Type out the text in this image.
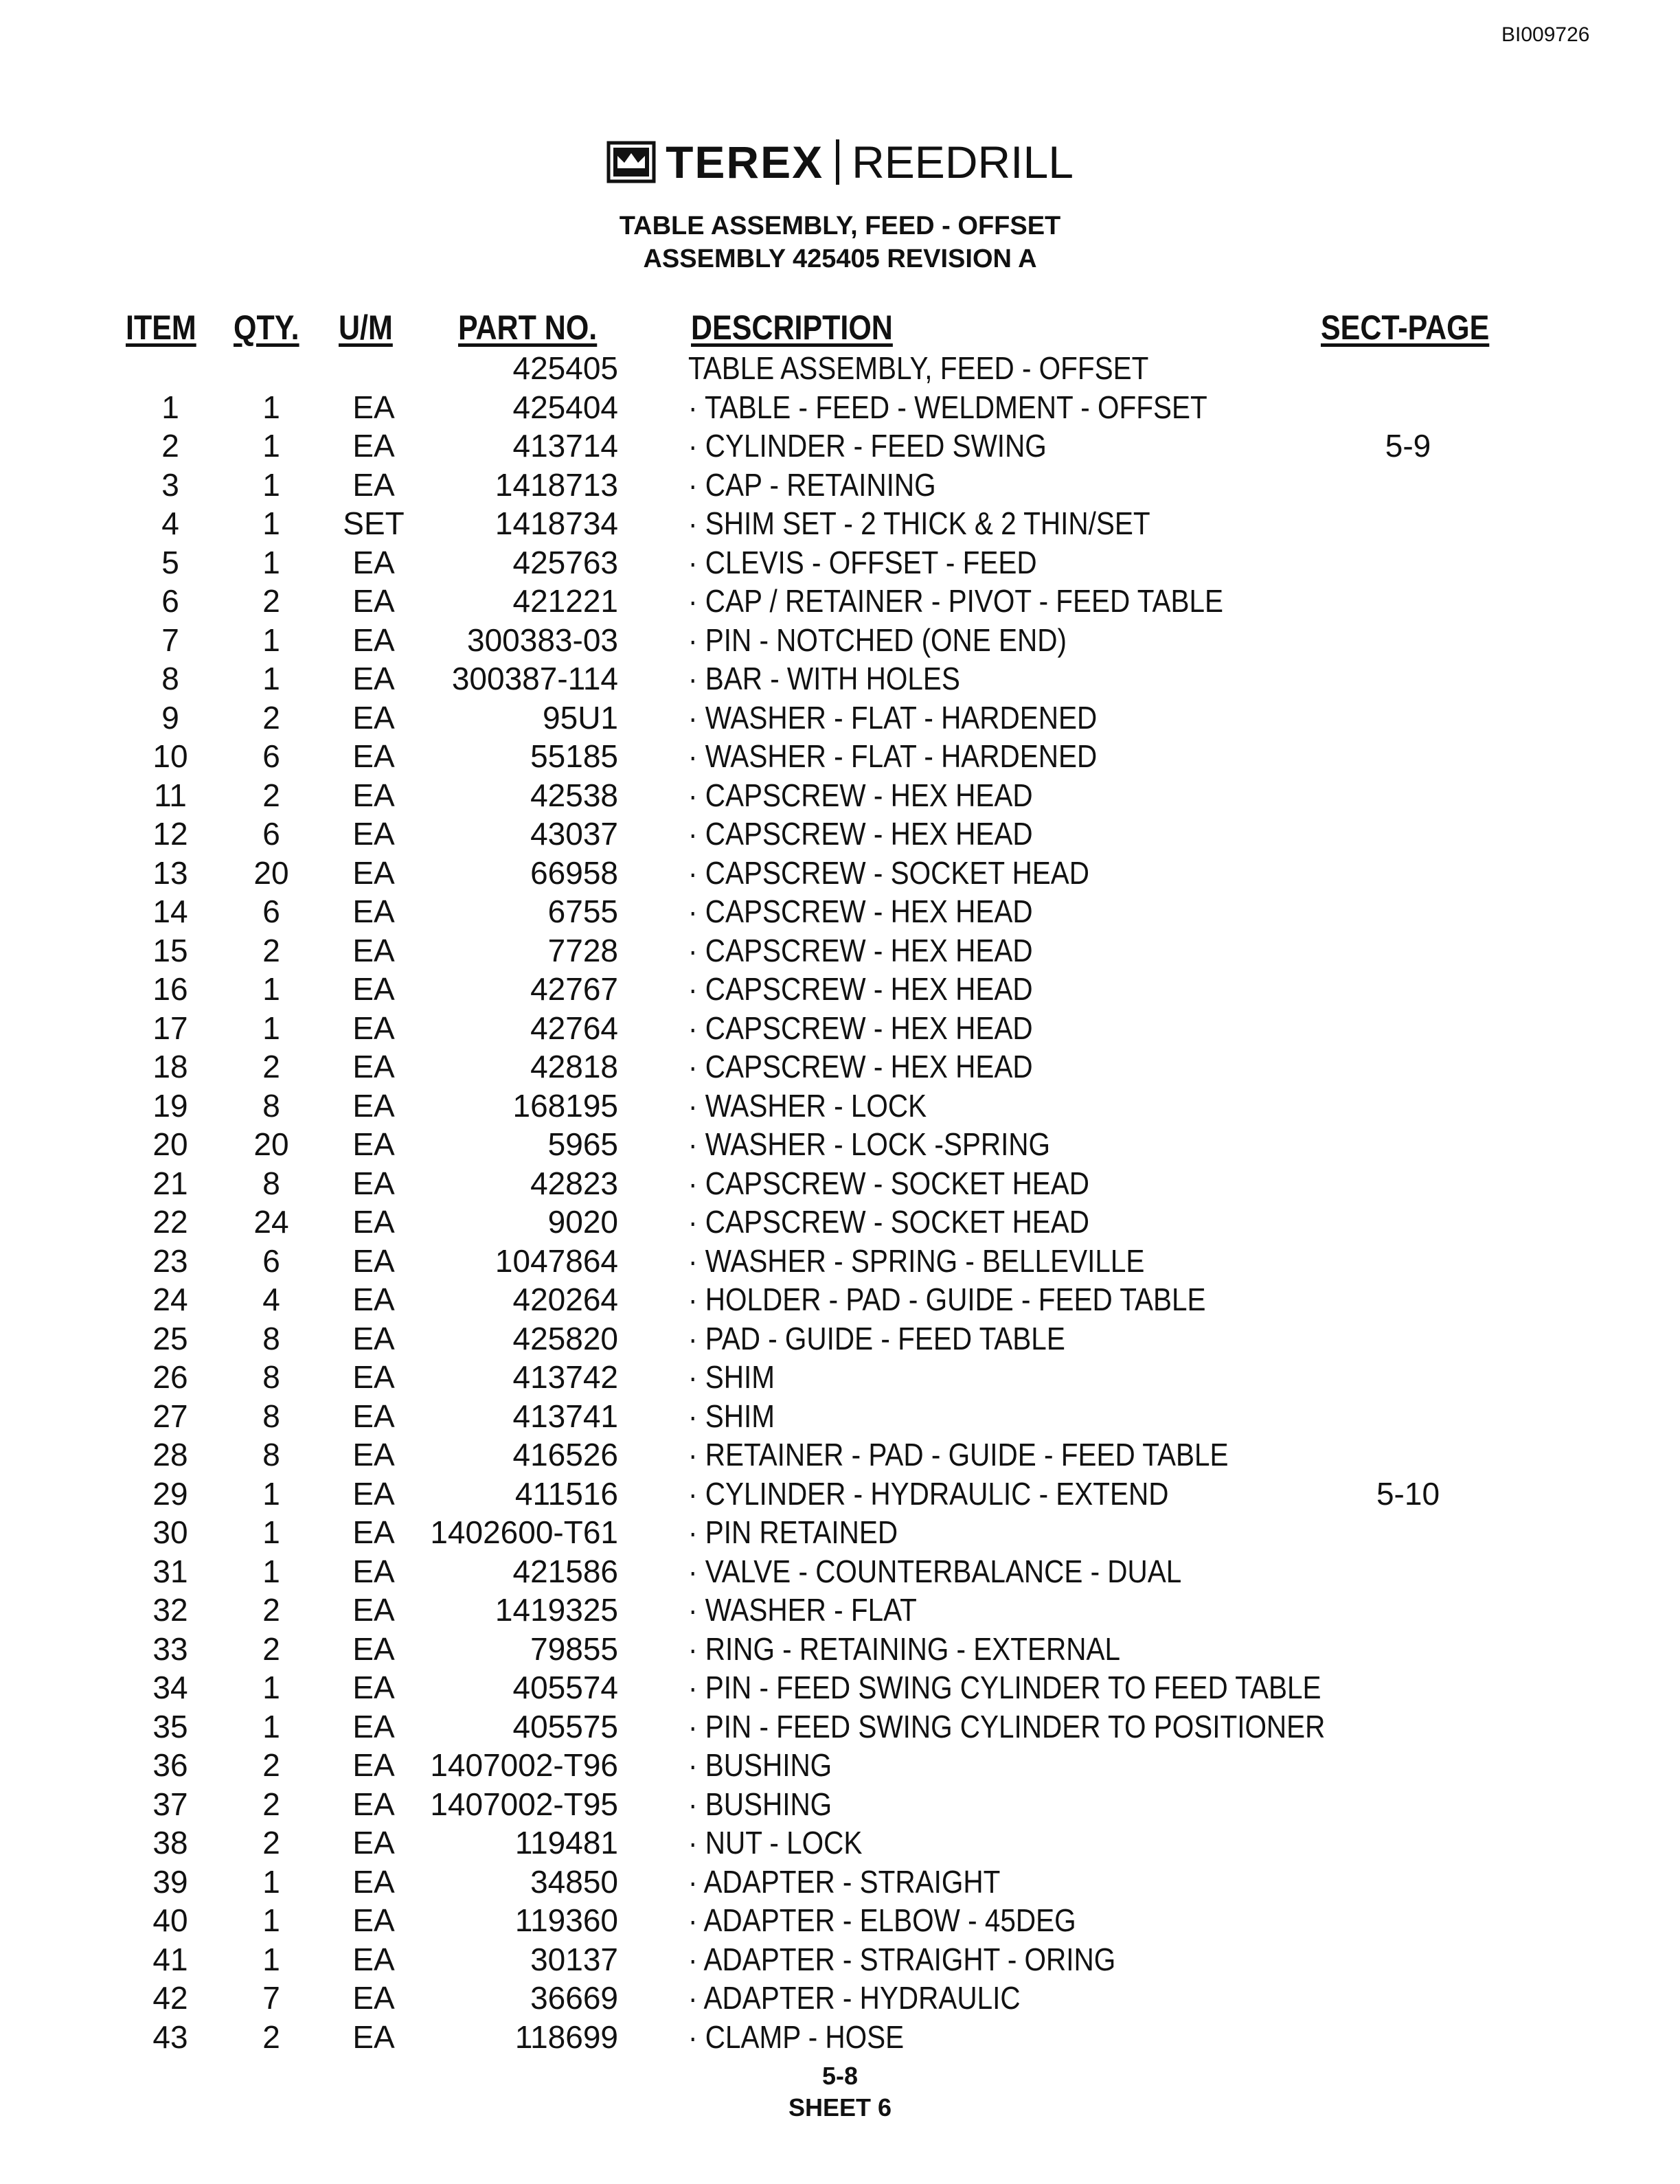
BI009726
TEREX REEDRILL
TABLE ASSEMBLY, FEED - OFFSET
ASSEMBLY 425405 REVISION A
ITEM QTY. U/M PART NO.	DESCRIPTION	SECT-PAGE
425405 TABLE ASSEMBLY, FEED - OFFSET
1	1	EA	425404 · TABLE - FEED - WELDMENT - OFFSET
2	1	EA	413714 · CYLINDER - FEED SWING	5-9
3	1	EA	1418713 · CAP - RETAINING
4	1	SET	1418734 · SHIM SET - 2 THICK & 2 THIN/SET
5	1	EA	425763 · CLEVIS - OFFSET - FEED
6	2	EA	421221 · CAP / RETAINER - PIVOT - FEED TABLE
7	1	EA	300383-03 · PIN - NOTCHED (ONE END)
8	1	EA	300387-114 · BAR - WITH HOLES
9	2	EA	95U1 · WASHER - FLAT - HARDENED
10	6	EA	55185 · WASHER - FLAT - HARDENED
11	2	EA	42538 · CAPSCREW - HEX HEAD
12	6	EA	43037 · CAPSCREW - HEX HEAD
13	20	EA	66958 · CAPSCREW - SOCKET HEAD
14	6	EA	6755 · CAPSCREW - HEX HEAD
15	2	EA	7728 · CAPSCREW - HEX HEAD
16	1	EA	42767 · CAPSCREW - HEX HEAD
17	1	EA	42764 · CAPSCREW - HEX HEAD
18	2	EA	42818 · CAPSCREW - HEX HEAD
19	8	EA	168195 · WASHER - LOCK
20	20	EA	5965 · WASHER - LOCK -SPRING
21	8	EA	42823 · CAPSCREW - SOCKET HEAD
22	24	EA	9020 · CAPSCREW - SOCKET HEAD
23	6	EA	1047864 · WASHER - SPRING - BELLEVILLE
24	4	EA	420264 · HOLDER - PAD - GUIDE - FEED TABLE
25	8	EA	425820 · PAD - GUIDE - FEED TABLE
26	8	EA	413742 · SHIM
27	8	EA	413741 · SHIM
28	8	EA	416526 · RETAINER - PAD - GUIDE - FEED TABLE
29	1	EA	411516 · CYLINDER - HYDRAULIC - EXTEND	5-10
30	1	EA	1402600-T61 · PIN RETAINED
31	1	EA	421586 · VALVE - COUNTERBALANCE - DUAL
32	2	EA	1419325 · WASHER - FLAT
33	2	EA	79855 · RING - RETAINING - EXTERNAL
34	1	EA	405574 · PIN - FEED SWING CYLINDER TO FEED TABLE
35	1	EA	405575 · PIN - FEED SWING CYLINDER TO POSITIONER
36	2	EA	1407002-T96 · BUSHING
37	2	EA	1407002-T95 · BUSHING
38	2	EA	119481 · NUT - LOCK
39	1	EA	34850 · ADAPTER - STRAIGHT
40	1	EA	119360 · ADAPTER - ELBOW - 45DEG
41	1	EA	30137 · ADAPTER - STRAIGHT - ORING
42	7	EA	36669 · ADAPTER - HYDRAULIC
43	2	EA	118699 · CLAMP - HOSE
5-8
SHEET 6
